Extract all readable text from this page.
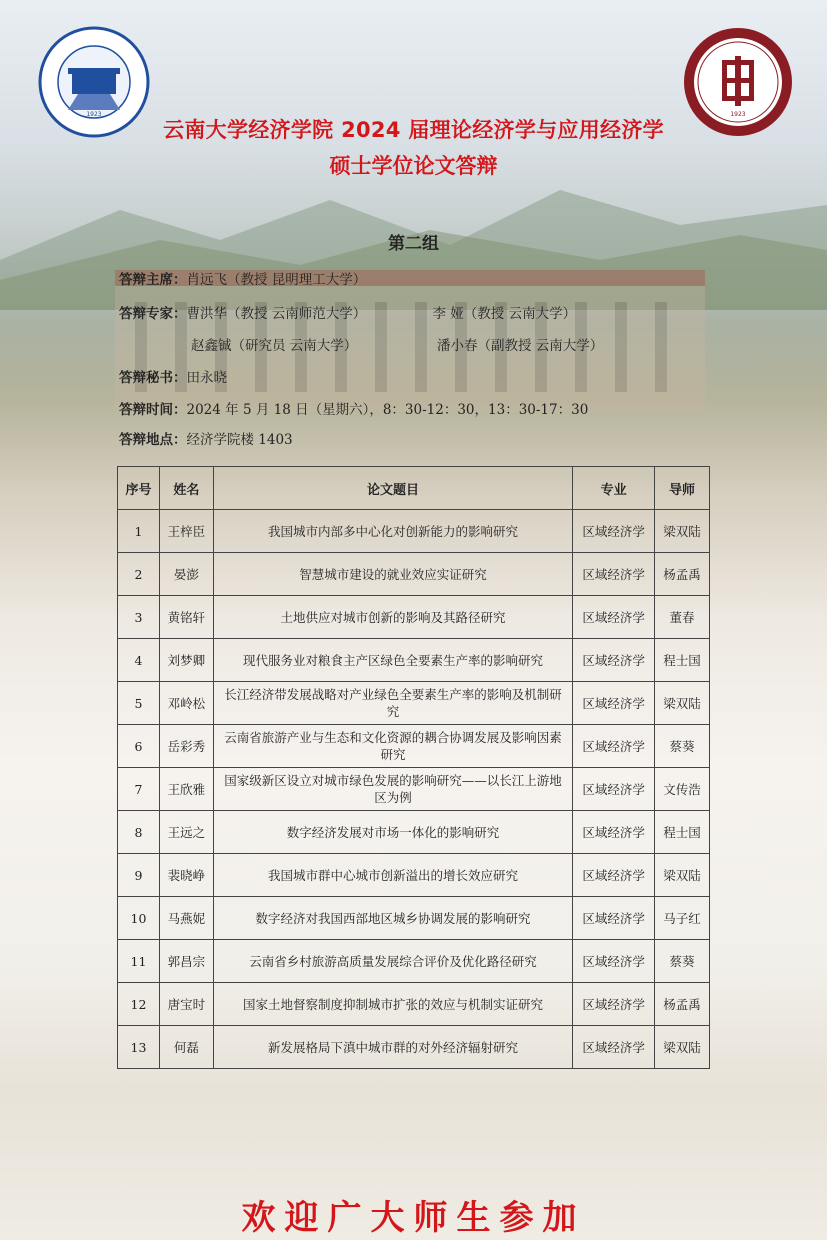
1923	1923
云南大学经济学院 2024 届理论经济学与应用经济学
硕士学位论文答辩
第二组
答辩主席：肖远飞（教授 昆明理工大学）
答辩专家：曹洪华（教授 云南师范大学）	李 娅（教授 云南大学）
赵鑫铖（研究员 云南大学）	潘小春（副教授 云南大学）
答辩秘书：田永晓
答辩时间：2024 年 5 月 18 日（星期六），8：30-12：30，13：30-17：30
答辩地点：经济学院楼 1403
序号	姓名	论文题目	专业	导师
1	王梓臣	我国城市内部多中心化对创新能力的影响研究	区域经济学	梁双陆
2	晏澎	智慧城市建设的就业效应实证研究	区域经济学	杨孟禹
3	黄铭轩	土地供应对城市创新的影响及其路径研究	区域经济学	董春
4	刘梦卿	现代服务业对粮食主产区绿色全要素生产率的影响研究	区域经济学	程士国
5	邓岭松	长江经济带发展战略对产业绿色全要素生产率的影响及机制研究	区域经济学	梁双陆
6	岳彩秀	云南省旅游产业与生态和文化资源的耦合协调发展及影响因素研究	区域经济学	蔡葵
7	王欣雅	国家级新区设立对城市绿色发展的影响研究——以长江上游地区为例	区域经济学	文传浩
8	王远之	数字经济发展对市场一体化的影响研究	区域经济学	程士国
9	裴晓峥	我国城市群中心城市创新溢出的增长效应研究	区域经济学	梁双陆
10	马燕妮	数字经济对我国西部地区城乡协调发展的影响研究	区域经济学	马子红
11	郭昌宗	云南省乡村旅游高质量发展综合评价及优化路径研究	区域经济学	蔡葵
12	唐宝时	国家土地督察制度抑制城市扩张的效应与机制实证研究	区域经济学	杨孟禹
13	何磊	新发展格局下滇中城市群的对外经济辐射研究	区域经济学	梁双陆
欢迎广大师生参加
